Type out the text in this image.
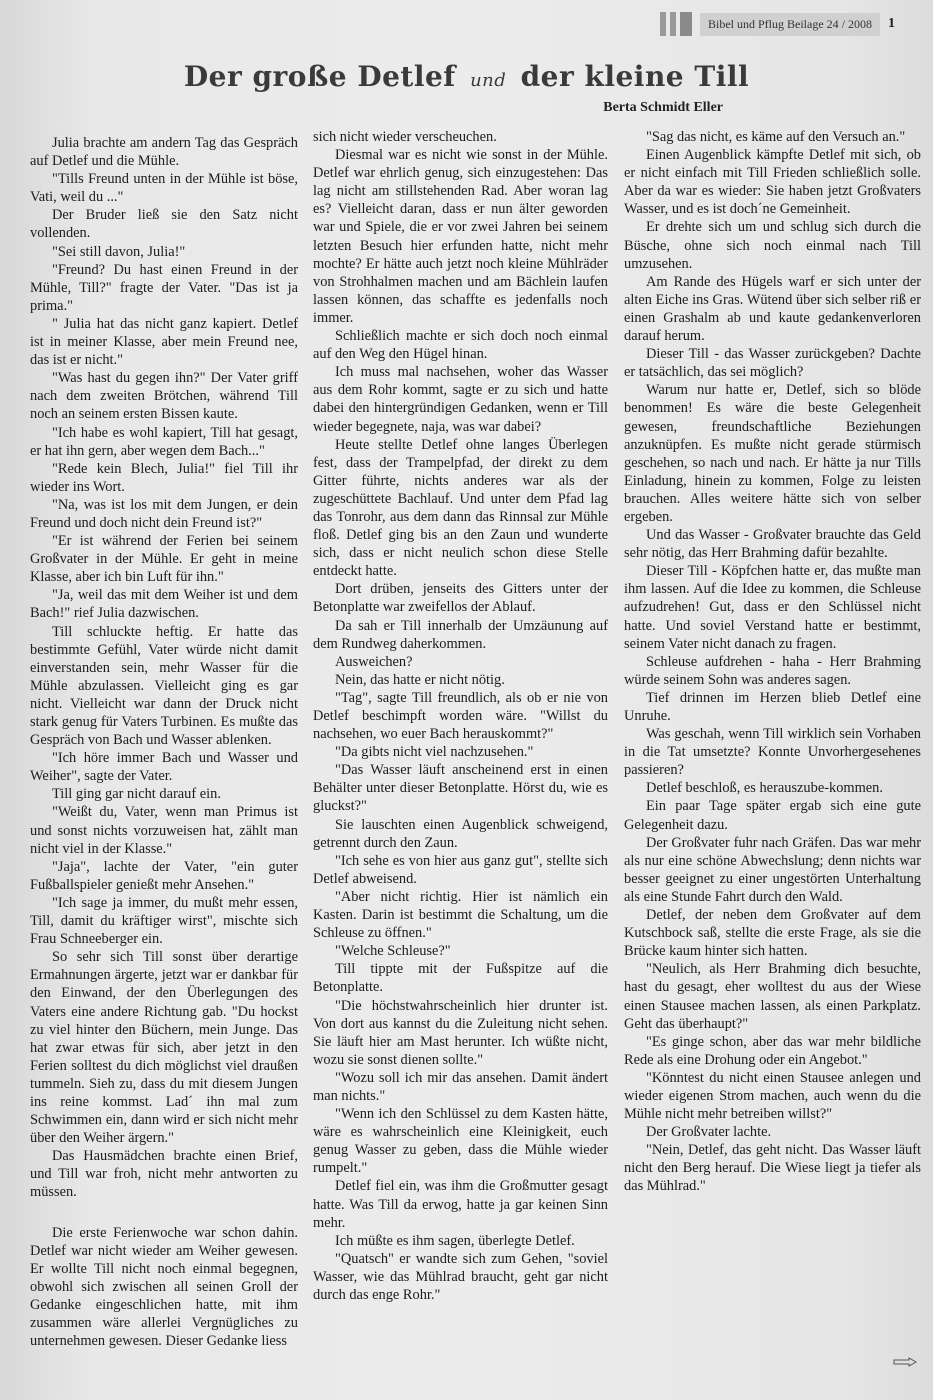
Bibel und Pflug Beilage 24 / 2008	1
Der große Detlef und der kleine Till
Berta Schmidt Eller

Julia brachte am andern Tag das Gespräch auf Detlef und die Mühle.

"Tills Freund unten in der Mühle ist böse, Vati, weil du ..."

Der Bruder ließ sie den Satz nicht vollenden.

"Sei still davon, Julia!"

"Freund? Du hast einen Freund in der Mühle, Till?" fragte der Vater. "Das ist ja prima."

" Julia hat das nicht ganz kapiert. Detlef ist in meiner Klasse, aber mein Freund nee, das ist er nicht."

"Was hast du gegen ihn?" Der Vater griff nach dem zweiten Brötchen, während Till noch an seinem ersten Bissen kaute.

"Ich habe es wohl kapiert, Till hat gesagt, er hat ihn gern, aber wegen dem Bach..."

"Rede kein Blech, Julia!" fiel Till ihr wieder ins Wort.

"Na, was ist los mit dem Jungen, er dein Freund und doch nicht dein Freund ist?"

"Er ist während der Ferien bei seinem Großvater in der Mühle. Er geht in meine Klasse, aber ich bin Luft für ihn."

"Ja, weil das mit dem Weiher ist und dem Bach!" rief Julia dazwischen.

Till schluckte heftig. Er hatte das bestimmte Gefühl, Vater würde nicht damit einverstanden sein, mehr Wasser für die Mühle abzulassen. Vielleicht ging es gar nicht. Vielleicht war dann der Druck nicht stark genug für Vaters Turbinen. Es mußte das Gespräch von Bach und Wasser ablenken.

"Ich höre immer Bach und Wasser und Weiher", sagte der Vater.

Till ging gar nicht darauf ein.

"Weißt du, Vater, wenn man Primus ist und sonst nichts vorzuweisen hat, zählt man nicht viel in der Klasse."

"Jaja", lachte der Vater, "ein guter Fußballspieler genießt mehr Ansehen."

"Ich sage ja immer, du mußt mehr essen, Till, damit du kräftiger wirst", mischte sich Frau Schneeberger ein.

So sehr sich Till sonst über derartige Ermahnungen ärgerte, jetzt war er dankbar für den Einwand, der den Überlegungen des Vaters eine andere Richtung gab. "Du hockst zu viel hinter den Büchern, mein Junge. Das hat zwar etwas für sich, aber jetzt in den Ferien solltest du dich möglichst viel draußen tummeln. Sieh zu, dass du mit diesem Jungen ins reine kommst. Lad´ ihn mal zum Schwimmen ein, dann wird er sich nicht mehr über den Weiher ärgern."

Das Hausmädchen brachte einen Brief, und Till war froh, nicht mehr antworten zu müssen.

Die erste Ferienwoche war schon dahin. Detlef war nicht wieder am Weiher gewesen. Er wollte Till nicht noch einmal begegnen, obwohl sich zwischen all seinen Groll der Gedanke eingeschlichen hatte, mit ihm zusammen wäre allerlei Vergnügliches zu unternehmen gewesen. Dieser Gedanke liess

sich nicht wieder verscheuchen.

Diesmal war es nicht wie sonst in der Mühle. Detlef war ehrlich genug, sich einzugestehen: Das lag nicht am stillstehenden Rad. Aber woran lag es? Vielleicht daran, dass er nun älter geworden war und Spiele, die er vor zwei Jahren bei seinem letzten Besuch hier erfunden hatte, nicht mehr mochte? Er hätte auch jetzt noch kleine Mühlräder von Strohhalmen machen und am Bächlein laufen lassen können, das schaffte es jedenfalls noch immer.

Schließlich machte er sich doch noch einmal auf den Weg den Hügel hinan.

Ich muss mal nachsehen, woher das Wasser aus dem Rohr kommt, sagte er zu sich und hatte dabei den hintergründigen Gedanken, wenn er Till wieder begegnete, naja, was war dabei?

Heute stellte Detlef ohne langes Überlegen fest, dass der Trampelpfad, der direkt zu dem Gitter führte, nichts anderes war als der zugeschüttete Bachlauf. Und unter dem Pfad lag das Tonrohr, aus dem dann das Rinnsal zur Mühle floß. Detlef ging bis an den Zaun und wunderte sich, dass er nicht neulich schon diese Stelle entdeckt hatte.

Dort drüben, jenseits des Gitters unter der Betonplatte war zweifellos der Ablauf.

Da sah er Till innerhalb der Umzäunung auf dem Rundweg daherkommen.

Ausweichen?

Nein, das hatte er nicht nötig.

"Tag", sagte Till freundlich, als ob er nie von Detlef beschimpft worden wäre. "Willst du nachsehen, wo euer Bach herauskommt?"

"Da gibts nicht viel nachzusehen."

"Das Wasser läuft anscheinend erst in einen Behälter unter dieser Betonplatte. Hörst du, wie es gluckst?"

Sie lauschten einen Augenblick schweigend, getrennt durch den Zaun.

"Ich sehe es von hier aus ganz gut", stellte sich Detlef abweisend.

"Aber nicht richtig. Hier ist nämlich ein Kasten. Darin ist bestimmt die Schaltung, um die Schleuse zu öffnen."

"Welche Schleuse?"

Till tippte mit der Fußspitze auf die Betonplatte.

"Die höchstwahrscheinlich hier drunter ist. Von dort aus kannst du die Zuleitung nicht sehen. Sie läuft hier am Mast herunter. Ich wüßte nicht, wozu sie sonst dienen sollte."

"Wozu soll ich mir das ansehen. Damit ändert man nichts."

"Wenn ich den Schlüssel zu dem Kasten hätte, wäre es wahrscheinlich eine Kleinigkeit, euch genug Wasser zu geben, dass die Mühle wieder rumpelt."

Detlef fiel ein, was ihm die Großmutter gesagt hatte. Was Till da erwog, hatte ja gar keinen Sinn mehr.

Ich müßte es ihm sagen, überlegte Detlef.

"Quatsch" er wandte sich zum Gehen, "soviel Wasser, wie das Mühlrad braucht, geht gar nicht durch das enge Rohr."

"Sag das nicht, es käme auf den Versuch an."

Einen Augenblick kämpfte Detlef mit sich, ob er nicht einfach mit Till Frieden schließlich solle. Aber da war es wieder: Sie haben jetzt Großvaters Wasser, und es ist doch´ne Gemeinheit.

Er drehte sich um und schlug sich durch die Büsche, ohne sich noch einmal nach Till umzusehen.

Am Rande des Hügels warf er sich unter der alten Eiche ins Gras. Wütend über sich selber riß er einen Grashalm ab und kaute gedankenverloren darauf herum.

Dieser Till - das Wasser zurückgeben? Dachte er tatsächlich, das sei möglich?

Warum nur hatte er, Detlef, sich so blöde benommen! Es wäre die beste Gelegenheit gewesen, freundschaftliche Beziehungen anzuknüpfen. Es mußte nicht gerade stürmisch geschehen, so nach und nach. Er hätte ja nur Tills Einladung, hinein zu kommen, Folge zu leisten brauchen. Alles weitere hätte sich von selber ergeben.

Und das Wasser - Großvater brauchte das Geld sehr nötig, das Herr Brahming dafür bezahlte.

Dieser Till - Köpfchen hatte er, das mußte man ihm lassen. Auf die Idee zu kommen, die Schleuse aufzudrehen! Gut, dass er den Schlüssel nicht hatte. Und soviel Verstand hatte er bestimmt, seinem Vater nicht danach zu fragen.

Schleuse aufdrehen - haha - Herr Brahming würde seinem Sohn was anderes sagen.

Tief drinnen im Herzen blieb Detlef eine Unruhe.

Was geschah, wenn Till wirklich sein Vorhaben in die Tat umsetzte? Konnte Unvorhergesehenes passieren?

Detlef beschloß, es herauszube-kommen.

Ein paar Tage später ergab sich eine gute Gelegenheit dazu.

Der Großvater fuhr nach Gräfen. Das war mehr als nur eine schöne Abwechslung; denn nichts war besser geeignet zu einer ungestörten Unterhaltung als eine Stunde Fahrt durch den Wald.

Detlef, der neben dem Großvater auf dem Kutschbock saß, stellte die erste Frage, als sie die Brücke kaum hinter sich hatten.

"Neulich, als Herr Brahming dich besuchte, hast du gesagt, eher wolltest du aus der Wiese einen Stausee machen lassen, als einen Parkplatz. Geht das überhaupt?"

"Es ginge schon, aber das war mehr bildliche Rede als eine Drohung oder ein Angebot."

"Könntest du nicht einen Stausee anlegen und wieder eigenen Strom machen, auch wenn du die Mühle nicht mehr betreiben willst?"

Der Großvater lachte.

"Nein, Detlef, das geht nicht. Das Wasser läuft nicht den Berg herauf. Die Wiese liegt ja tiefer als das Mühlrad."
